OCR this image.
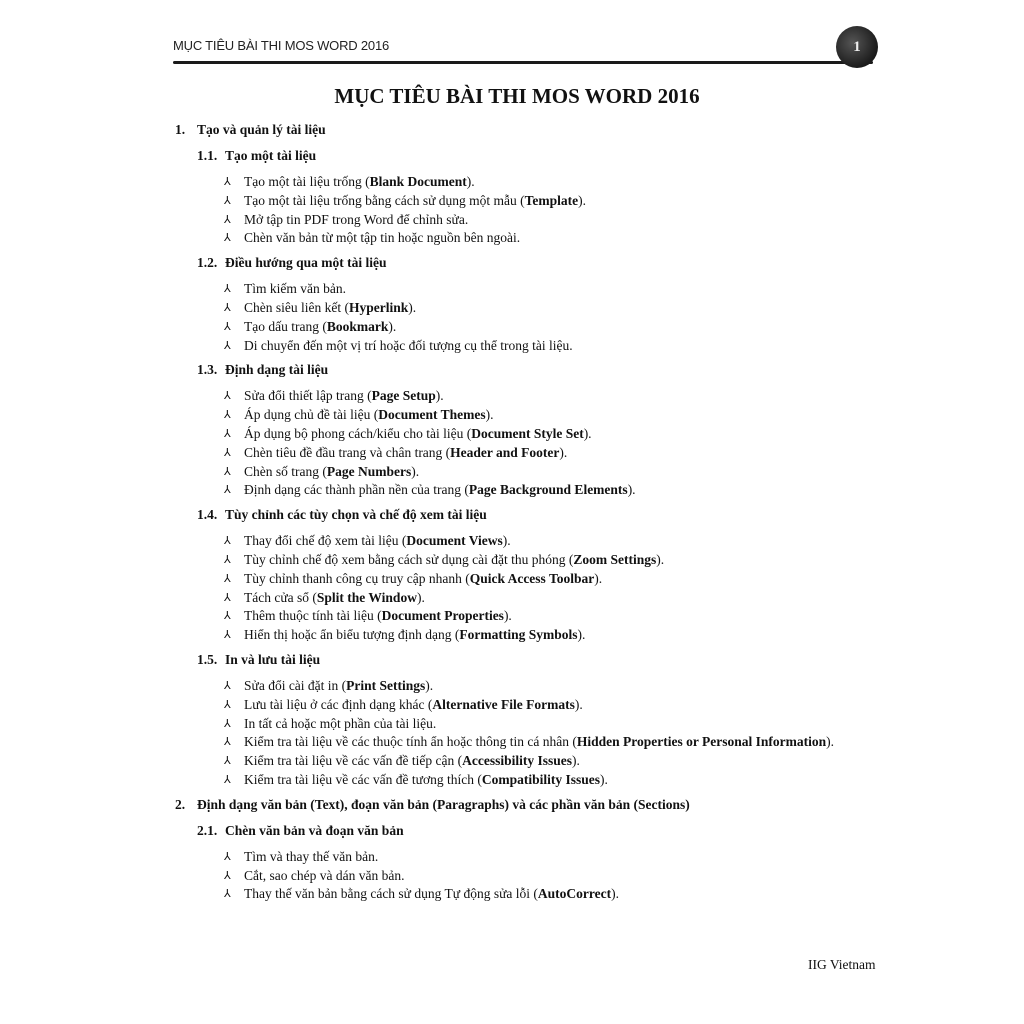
MỤC TIÊU BÀI THI MOS WORD 2016	1
MỤC TIÊU BÀI THI MOS WORD 2016
1. Tạo và quản lý tài liệu
1.1. Tạo một tài liệu
⅄ Tạo một tài liệu trống (Blank Document).
⅄ Tạo một tài liệu trống bằng cách sử dụng một mẫu (Template).
⅄ Mở tập tin PDF trong Word để chỉnh sửa.
⅄ Chèn văn bản từ một tập tin hoặc nguồn bên ngoài.
1.2. Điều hướng qua một tài liệu
⅄ Tìm kiếm văn bản.
⅄ Chèn siêu liên kết (Hyperlink).
⅄ Tạo dấu trang (Bookmark).
⅄ Di chuyển đến một vị trí hoặc đối tượng cụ thể trong tài liệu.
1.3. Định dạng tài liệu
⅄ Sửa đổi thiết lập trang (Page Setup).
⅄ Áp dụng chủ đề tài liệu (Document Themes).
⅄ Áp dụng bộ phong cách/kiểu cho tài liệu (Document Style Set).
⅄ Chèn tiêu đề đầu trang và chân trang (Header and Footer).
⅄ Chèn số trang (Page Numbers).
⅄ Định dạng các thành phần nền của trang (Page Background Elements).
1.4. Tùy chỉnh các tùy chọn và chế độ xem tài liệu
⅄ Thay đổi chế độ xem tài liệu (Document Views).
⅄ Tùy chỉnh chế độ xem bằng cách sử dụng cài đặt thu phóng (Zoom Settings).
⅄ Tùy chỉnh thanh công cụ truy cập nhanh (Quick Access Toolbar).
⅄ Tách cửa sổ (Split the Window).
⅄ Thêm thuộc tính tài liệu (Document Properties).
⅄ Hiển thị hoặc ẩn biểu tượng định dạng (Formatting Symbols).
1.5. In và lưu tài liệu
⅄ Sửa đổi cài đặt in (Print Settings).
⅄ Lưu tài liệu ở các định dạng khác (Alternative File Formats).
⅄ In tất cả hoặc một phần của tài liệu.
⅄ Kiểm tra tài liệu về các thuộc tính ẩn hoặc thông tin cá nhân (Hidden Properties or Personal Information).
⅄ Kiểm tra tài liệu về các vấn đề tiếp cận (Accessibility Issues).
⅄ Kiểm tra tài liệu về các vấn đề tương thích (Compatibility Issues).
2. Định dạng văn bản (Text), đoạn văn bản (Paragraphs) và các phần văn bản (Sections)
2.1. Chèn văn bản và đoạn văn bản
⅄ Tìm và thay thế văn bản.
⅄ Cắt, sao chép và dán văn bản.
⅄ Thay thế văn bản bằng cách sử dụng Tự động sửa lỗi (AutoCorrect).
IIG Vietnam
